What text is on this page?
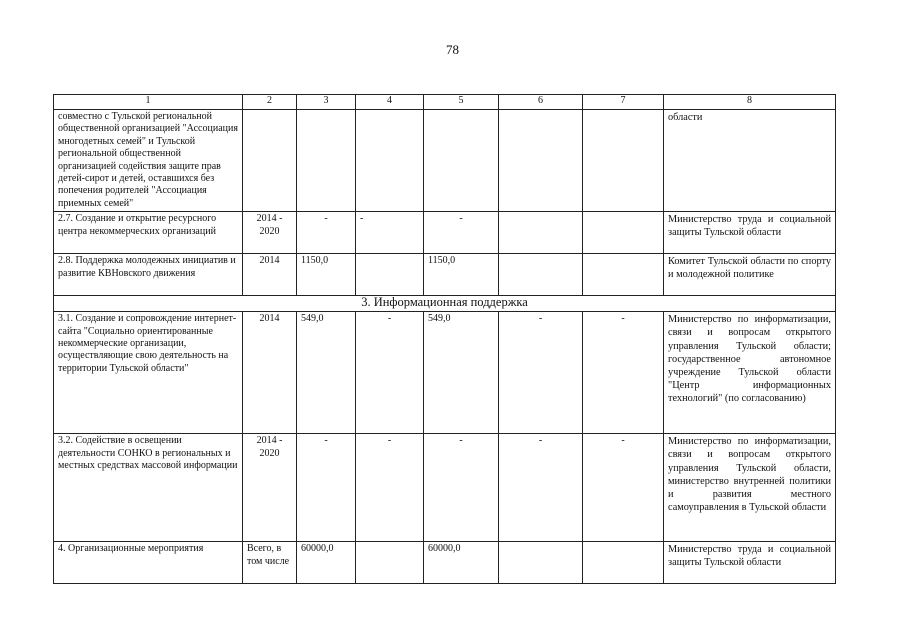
78
1	2	3	4	5	6	7	8
совместно с Тульской региональной общественной организацией "Ассоциация многодетных семей" и Тульской региональной общественной организацией содействия защите прав детей-сирот и детей, оставшихся без попечения родителей "Ассоциация приемных семей"							области
2.7. Создание и открытие ресурсного центра некоммерческих организаций	2014 - 2020	-	-	-			Министерство труда и социальной защиты Тульской области
2.8. Поддержка молодежных инициатив и развитие КВНовского движения	2014	1150,0		1150,0			Комитет Тульской области по спорту и молодежной политике
3. Информационная поддержка							
3.1. Создание и сопровождение интернет-сайта "Социально ориентированные некоммерческие организации, осуществляющие свою деятельность на территории Тульской области"	2014	549,0	-	549,0	-	-	Министерство по информатизации, связи и вопросам открытого управления Тульской области; государственное автономное учреждение Тульской области "Центр информационных технологий" (по согласованию)
3.2. Содействие в освещении деятельности СОНКО в региональных и местных средствах массовой информации	2014 - 2020	-	-	-	-	-	Министерство по информатизации, связи и вопросам открытого управления Тульской области, министерство внутренней политики и развития местного самоуправления в Тульской области
4. Организационные мероприятия	Всего, в том числе	60000,0		60000,0			Министерство труда и социальной защиты Тульской области
